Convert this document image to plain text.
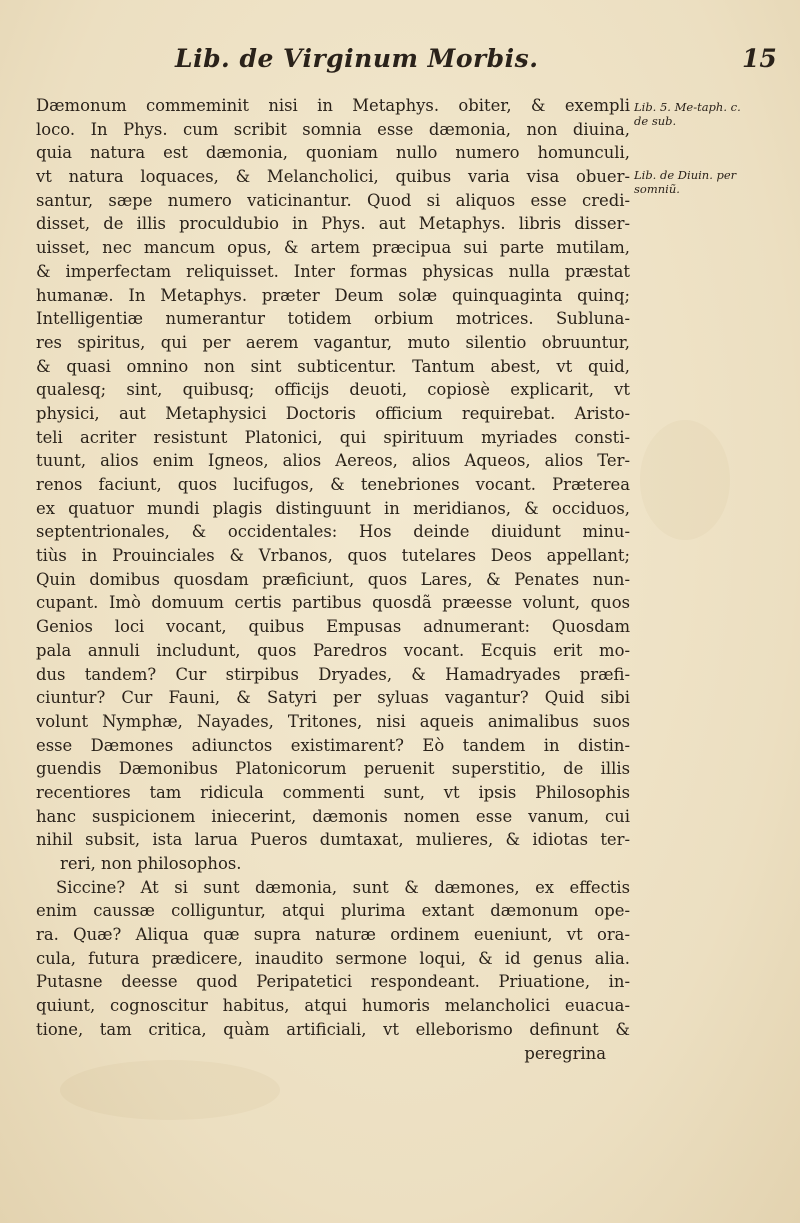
Lib. de Virginum Morbis.	15
Dæmonum commeminit nisi in Metaphys. obiter, & exempli
loco. In Phys. cum scribit somnia esse dæmonia, non diuina,
quia natura est dæmonia, quoniam nullo numero homunculi,
vt natura loquaces, & Melancholici, quibus varia visa obuer-
santur, sæpe numero vaticinantur. Quod si aliquos esse credi-
disset, de illis proculdubio in Phys. aut Metaphys. libris disser-
uisset, nec mancum opus, & artem præcipua sui parte mutilam,
& imperfectam reliquisset. Inter formas physicas nulla præstat
humanæ. In Metaphys. præter Deum solæ quinquaginta quinq;
Intelligentiæ numerantur totidem orbium motrices. Subluna-
res spiritus, qui per aerem vagantur, muto silentio obruuntur,
& quasi omnino non sint subticentur. Tantum abest, vt quid,
qualesq; sint, quibusq; officijs deuoti, copiosè explicarit, vt
physici, aut Metaphysici Doctoris officium requirebat. Aristo-
teli acriter resistunt Platonici, qui spirituum myriades consti-
tuunt, alios enim Igneos, alios Aereos, alios Aqueos, alios Ter-
renos faciunt, quos lucifugos, & tenebriones vocant. Præterea
ex quatuor mundi plagis distinguunt in meridianos, & occiduos,
septentrionales, & occidentales: Hos deinde diuidunt minu-
tiùs in Prouinciales & Vrbanos, quos tutelares Deos appellant;
Quin domibus quosdam præficiunt, quos Lares, & Penates nun-
cupant. Imò domuum certis partibus quosdã præesse volunt, quos
Genios loci vocant, quibus Empusas adnumerant: Quosdam
pala annuli includunt, quos Paredros vocant. Ecquis erit mo-
dus tandem? Cur stirpibus Dryades, & Hamadryades præfi-
ciuntur? Cur Fauni, & Satyri per syluas vagantur? Quid sibi
volunt Nymphæ, Nayades, Tritones, nisi aqueis animalibus suos
esse Dæmones adiunctos existimarent? Eò tandem in distin-
guendis Dæmonibus Platonicorum peruenit superstitio, de illis
recentiores tam ridicula commenti sunt, vt ipsis Philosophis
hanc suspicionem iniecerint, dæmonis nomen esse vanum, cui
nihil subsit, ista larua Pueros dumtaxat, mulieres, & idiotas ter-
reri, non philosophos.
Siccine? At si sunt dæmonia, sunt & dæmones, ex effectis
enim caussæ colliguntur, atqui plurima extant dæmonum ope-
ra. Quæ? Aliqua quæ supra naturæ ordinem eueniunt, vt ora-
cula, futura prædicere, inaudito sermone loqui, & id genus alia.
Putasne deesse quod Peripatetici respondeant. Priuatione, in-
quiunt, cognoscitur habitus, atqui humoris melancholici euacua-
tione, tam critica, quàm artificiali, vt elleborismo definunt &
peregrina
Lib. 5. Me-taph. c. de sub.
Lib. de Diuin. per somniũ.
